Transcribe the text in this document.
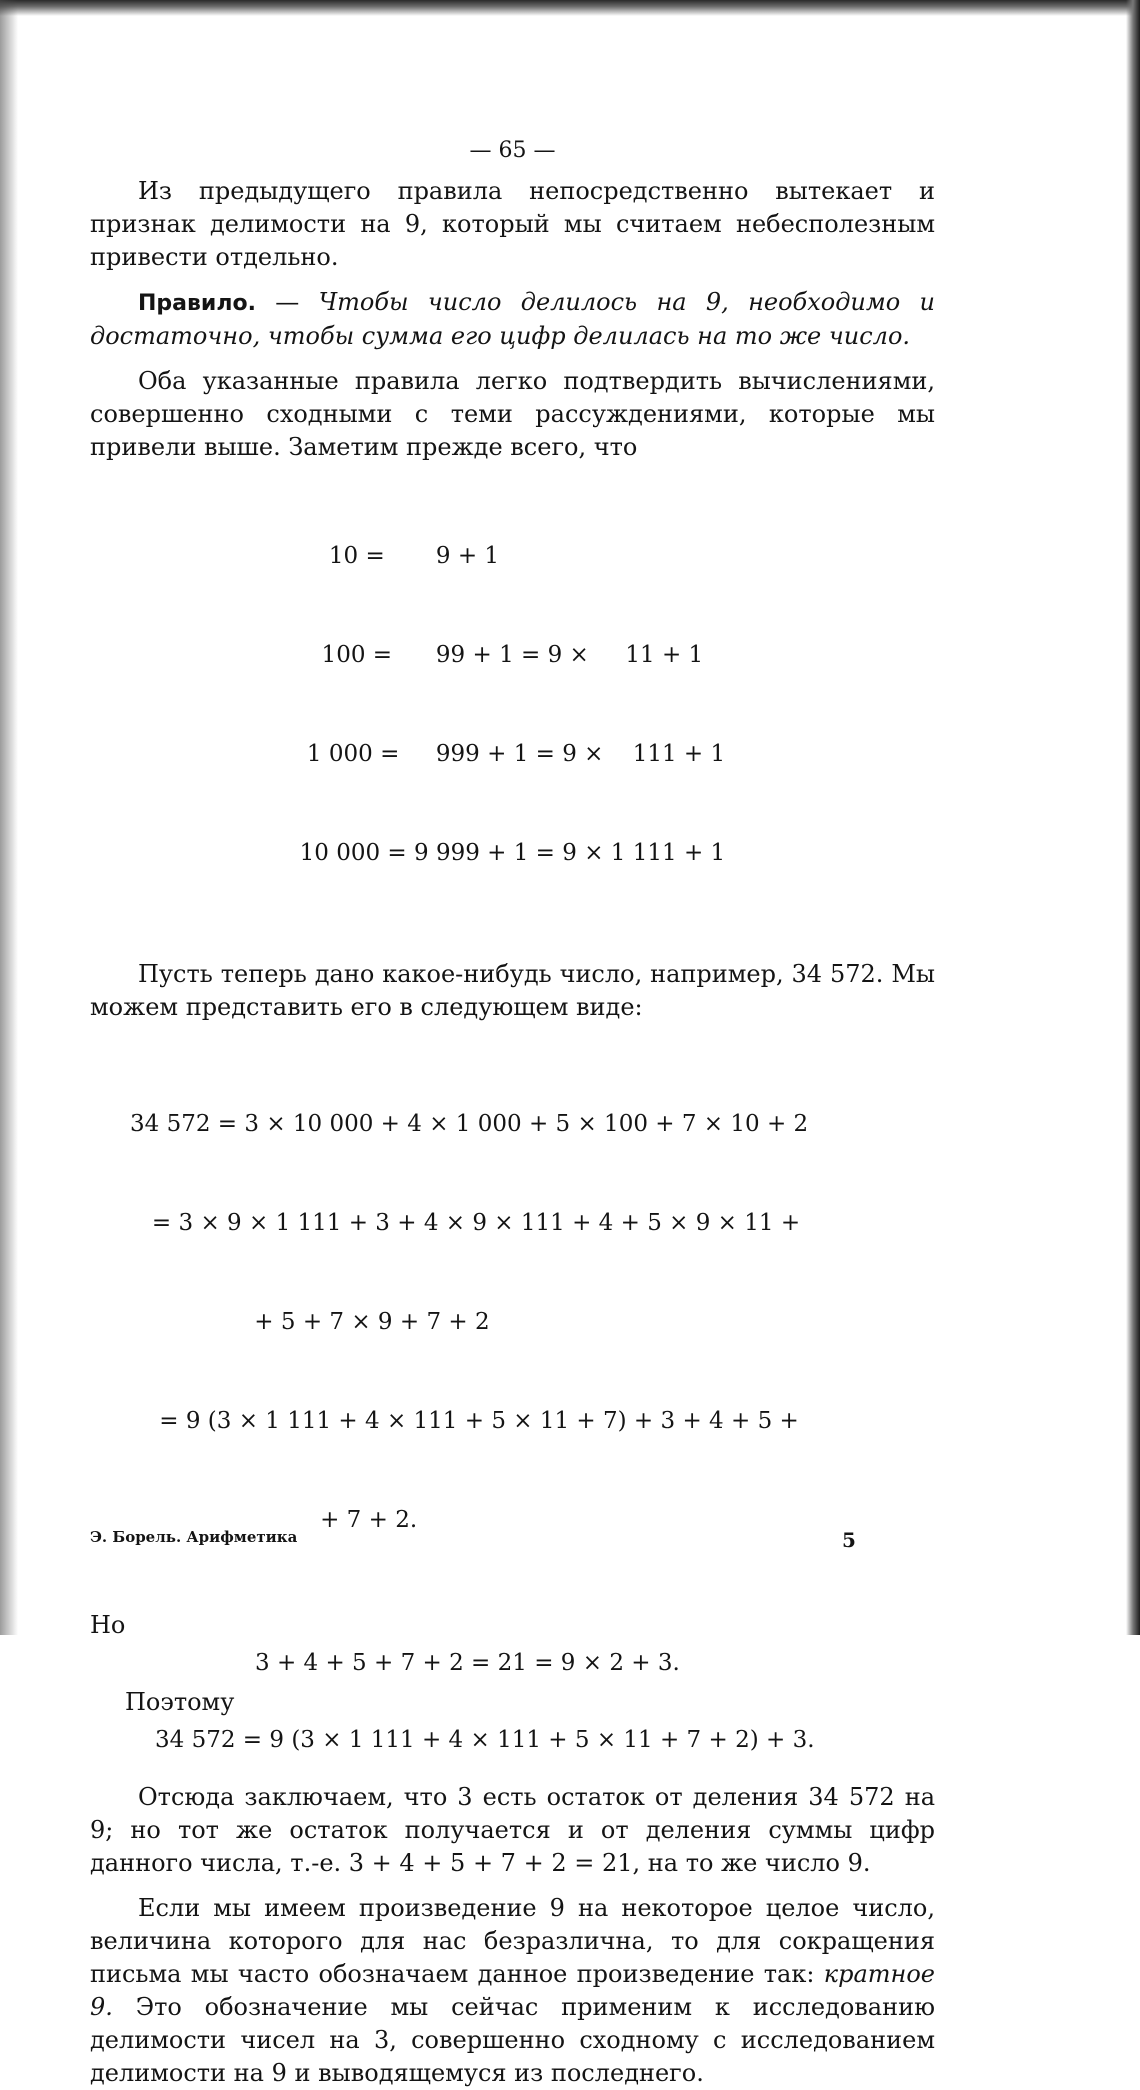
— 65 —

Из предыдущего правила непосредственно вытекает и признак делимости на 9, который мы считаем небесполезным привести отдельно.

Правило. — Чтобы число делилось на 9, необходимо и достаточно, чтобы сумма его цифр делилась на то же число.

Оба указанные правила легко подтвердить вычислениями, совершенно сходными с теми рассуждениями, которые мы привели выше. Заметим прежде всего, что

10 =       9 + 1

100 =      99 + 1 = 9 ×     11 + 1

1 000 =     999 + 1 = 9 ×    111 + 1

10 000 = 9 999 + 1 = 9 × 1 111 + 1

Пусть теперь дано какое-нибудь число, например, 34 572. Мы можем представить его в следующем виде:

34 572 = 3 × 10 000 + 4 × 1 000 + 5 × 100 + 7 × 10 + 2

= 3 × 9 × 1 111 + 3 + 4 × 9 × 111 + 4 + 5 × 9 × 11 +

+ 5 + 7 × 9 + 7 + 2

= 9 (3 × 1 111 + 4 × 111 + 5 × 11 + 7) + 3 + 4 + 5 +

+ 7 + 2.

Но
3 + 4 + 5 + 7 + 2 = 21 = 9 × 2 + 3.
Поэтому
34 572 = 9 (3 × 1 111 + 4 × 111 + 5 × 11 + 7 + 2) + 3.

Отсюда заключаем, что 3 есть остаток от деления 34 572 на 9; но тот же остаток получается и от деления суммы цифр данного числа, т.-е. 3 + 4 + 5 + 7 + 2 = 21, на то же число 9.

Если мы имеем произведение 9 на некоторое целое число, величина которого для нас безразлична, то для сокращения письма мы часто обозначаем данное произведение так: кратное 9. Это обозначение мы сейчас применим к исследованию делимости чисел на 3, совершенно сходному с исследованием делимости на 9 и выводящемуся из последнего.

Э. Борель. Арифметика	5
